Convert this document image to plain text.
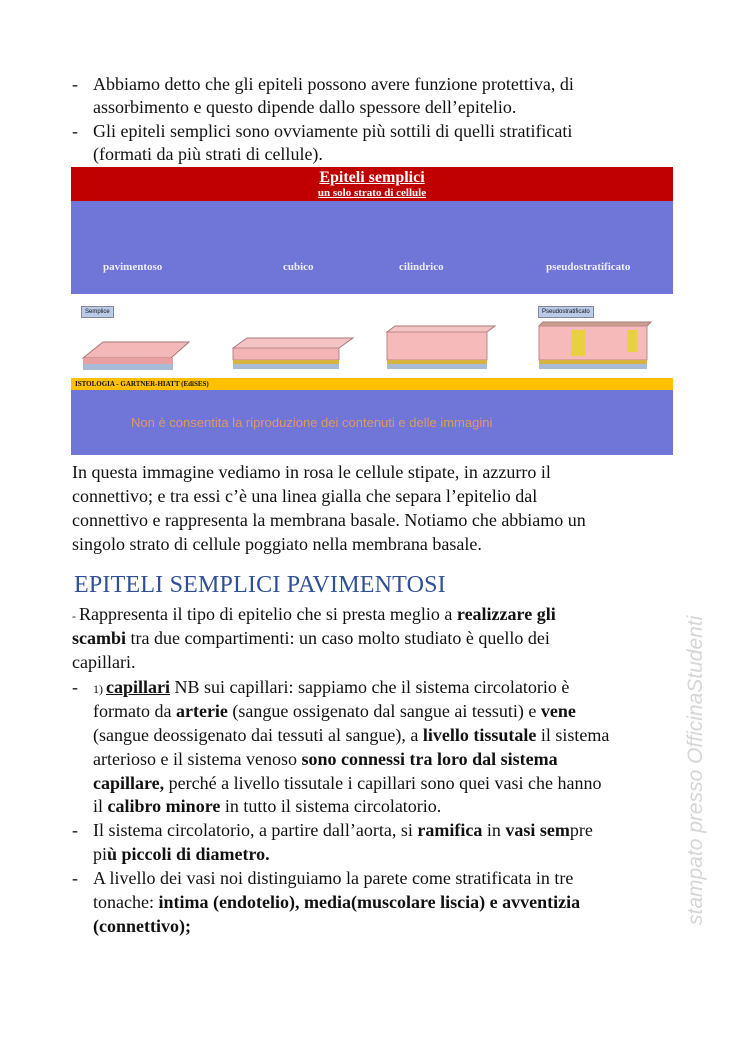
- Abbiamo detto che gli epiteli possono avere funzione protettiva, di
assorbimento e questo dipende dallo spessore dell’epitelio.
- Gli epiteli semplici sono ovviamente più sottili di quelli stratificati
(formati da più strati di cellule).
Epiteli semplici
un solo strato di cellule
pavimentoso	cubico	cilindrico	pseudostratificato
Semplice	Pseudostratificato
ISTOLOGIA - GARTNER-HIATT (EdiSES)
Non è consentita la riproduzione dei contenuti e delle immagini
In questa immagine vediamo in rosa le cellule stipate, in azzurro il
connettivo; e tra essi c’è una linea gialla che separa l’epitelio dal
connettivo e rappresenta la membrana basale. Notiamo che abbiamo un
singolo strato di cellule poggiato nella membrana basale.
EPITELI SEMPLICI PAVIMENTOSI
- Rappresenta il tipo di epitelio che si presta meglio a realizzare gli
scambi tra due compartimenti: un caso molto studiato è quello dei
capillari.
- 1) capillari NB sui capillari: sappiamo che il sistema circolatorio è
formato da arterie (sangue ossigenato dal sangue ai tessuti) e vene
(sangue deossigenato dai tessuti al sangue), a livello tissutale il sistema
arterioso e il sistema venoso sono connessi tra loro dal sistema
capillare, perché a livello tissutale i capillari sono quei vasi che hanno
il calibro minore in tutto il sistema circolatorio.
- Il sistema circolatorio, a partire dall’aorta, si ramifica in vasi sempre
più piccoli di diametro.
- A livello dei vasi noi distinguiamo la parete come stratificata in tre
tonache: intima (endotelio), media(muscolare liscia) e avventizia
(connettivo);
stampato presso OfficinaStudenti
